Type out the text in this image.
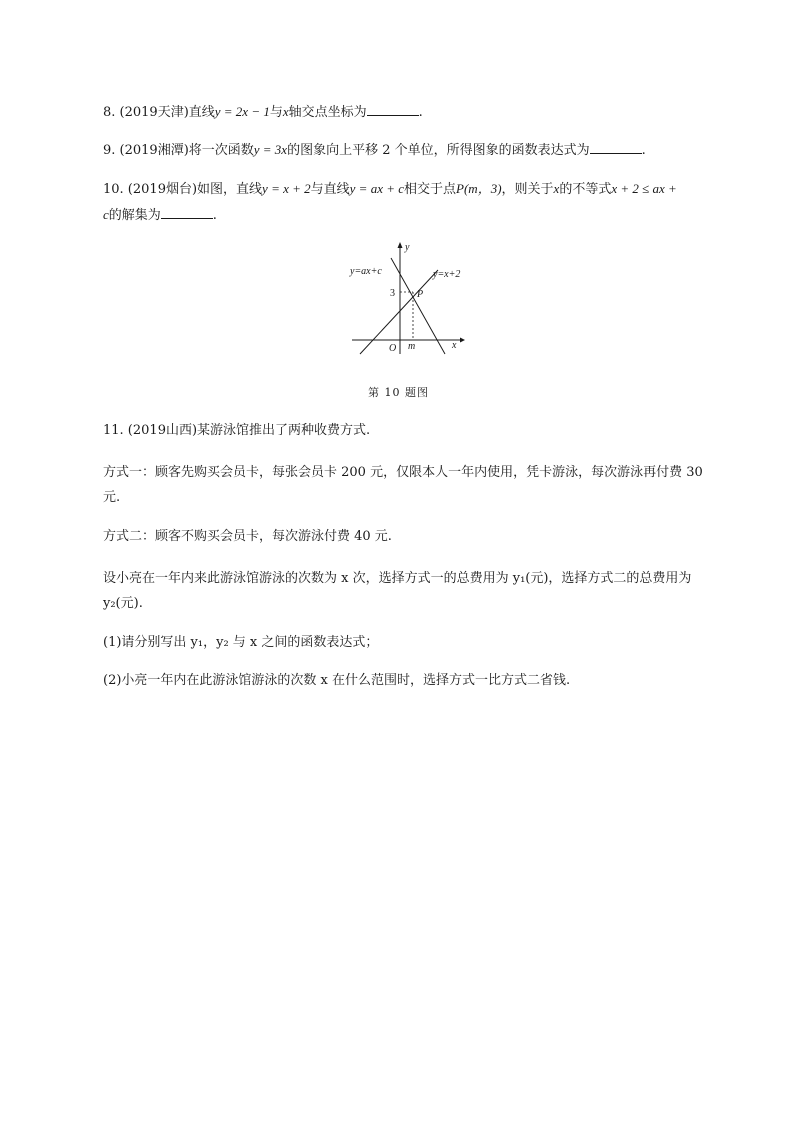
8. (2019天津)直线y = 2x − 1与x轴交点坐标为	.

9. (2019湘潭)将一次函数y = 3x的图象向上平移 2 个单位，所得图象的函数表达式为	.

10. (2019烟台)如图，直线y = x + 2与直线y = ax + c相交于点P(m，3)，则关于x的不等式x + 2 ≤ ax +
c的解集为	.

y
x
O
P
m
3
y=ax+c	y=x+2
第 10 题图

11. (2019山西)某游泳馆推出了两种收费方式.

方式一：顾客先购买会员卡，每张会员卡 200 元，仅限本人一年内使用，凭卡游泳，每次游泳再付费 30
元.

方式二：顾客不购买会员卡，每次游泳付费 40 元.

设小亮在一年内来此游泳馆游泳的次数为 x 次，选择方式一的总费用为 y₁(元)，选择方式二的总费用为
y₂(元).

(1)请分别写出 y₁，y₂ 与 x 之间的函数表达式；

(2)小亮一年内在此游泳馆游泳的次数 x 在什么范围时，选择方式一比方式二省钱.
